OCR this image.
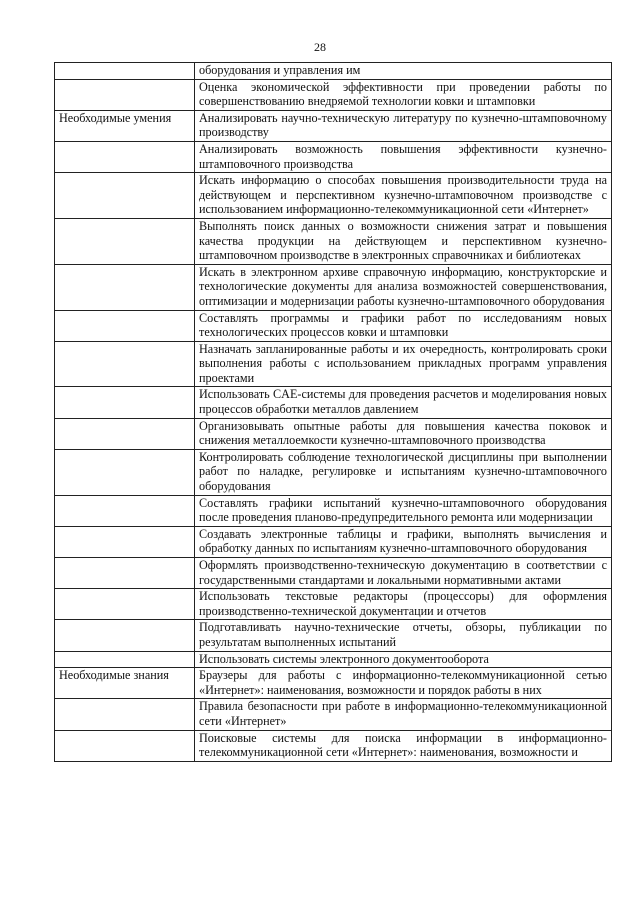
28
	оборудования и управления им
	Оценка экономической эффективности при проведении работы по совершенствованию внедряемой технологии ковки и штамповки
Необходимые умения	Анализировать научно-техническую литературу по кузнечно-штамповочному производству
	Анализировать возможность повышения эффективности кузнечно-штамповочного производства
	Искать информацию о способах повышения производительности труда на действующем и перспективном кузнечно-штамповочном производстве с использованием информационно-телекоммуникационной сети «Интернет»
	Выполнять поиск данных о возможности снижения затрат и повышения качества продукции на действующем и перспективном кузнечно-штамповочном производстве в электронных справочниках и библиотеках
	Искать в электронном архиве справочную информацию, конструкторские и технологические документы для анализа возможностей совершенствования, оптимизации и модернизации работы кузнечно-штамповочного оборудования
	Составлять программы и графики работ по исследованиям новых технологических процессов ковки и штамповки
	Назначать запланированные работы и их очередность, контролировать сроки выполнения работы с использованием прикладных программ управления проектами
	Использовать CAE-системы для проведения расчетов и моделирования новых процессов обработки металлов давлением
	Организовывать опытные работы для повышения качества поковок и снижения металлоемкости кузнечно-штамповочного производства
	Контролировать соблюдение технологической дисциплины при выполнении работ по наладке, регулировке и испытаниям кузнечно-штамповочного оборудования
	Составлять графики испытаний кузнечно-штамповочного оборудования после проведения планово-предупредительного ремонта или модернизации
	Создавать электронные таблицы и графики, выполнять вычисления и обработку данных по испытаниям кузнечно-штамповочного оборудования
	Оформлять производственно-техническую документацию в соответствии с государственными стандартами и локальными нормативными актами
	Использовать текстовые редакторы (процессоры) для оформления производственно-технической документации и отчетов
	Подготавливать научно-технические отчеты, обзоры, публикации по результатам выполненных испытаний
	Использовать системы электронного документооборота
Необходимые знания	Браузеры для работы с информационно-телекоммуникационной сетью «Интернет»: наименования, возможности и порядок работы в них
	Правила безопасности при работе в информационно-телекоммуникационной сети «Интернет»
	Поисковые системы для поиска информации в информационно-телекоммуникационной сети «Интернет»: наименования, возможности и
